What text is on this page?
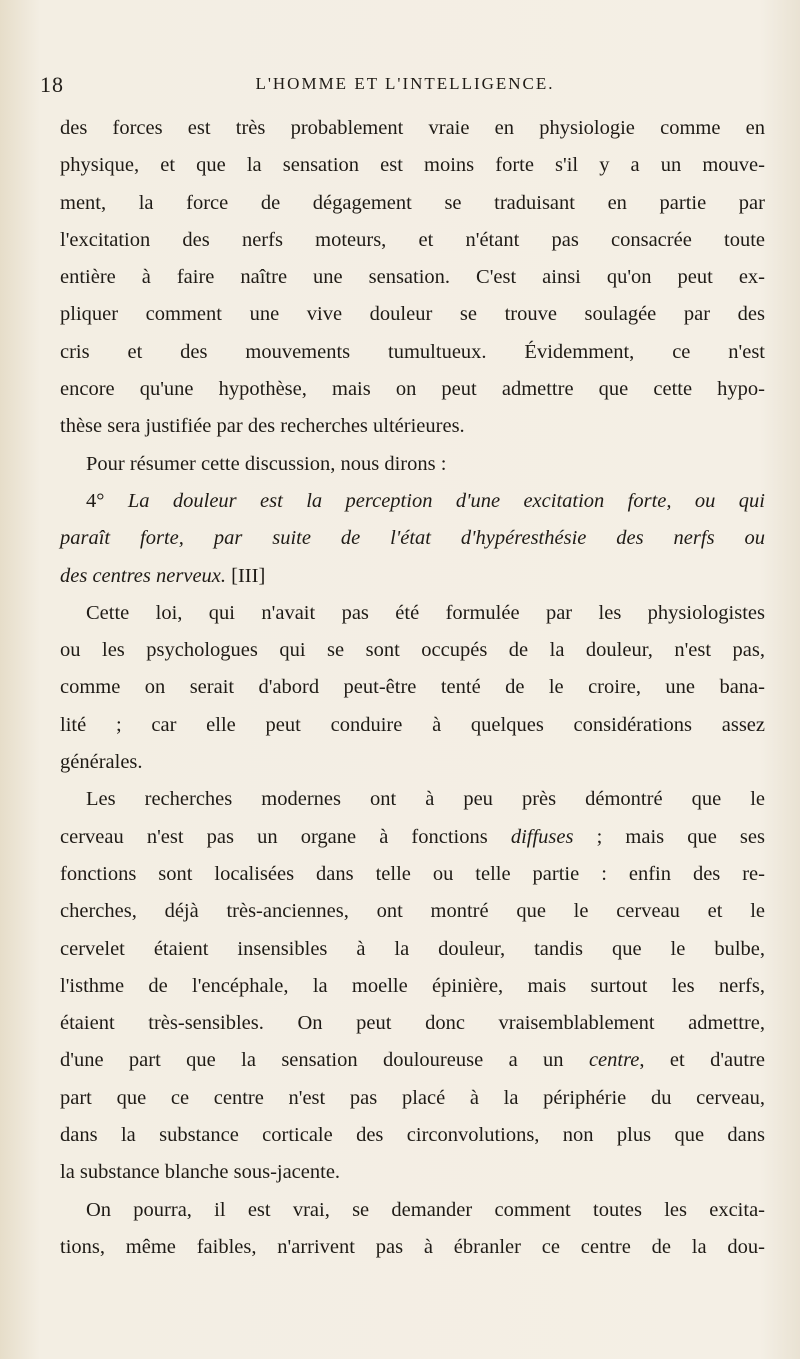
18	L'HOMME ET L'INTELLIGENCE.
des forces est très probablement vraie en physiologie comme en
physique, et que la sensation est moins forte s'il y a un mouve-
ment, la force de dégagement se traduisant en partie par
l'excitation des nerfs moteurs, et n'étant pas consacrée toute
entière à faire naître une sensation. C'est ainsi qu'on peut ex-
pliquer comment une vive douleur se trouve soulagée par des
cris et des mouvements tumultueux. Évidemment, ce n'est
encore qu'une hypothèse, mais on peut admettre que cette hypo-
thèse sera justifiée par des recherches ultérieures.
Pour résumer cette discussion, nous dirons :
4° La douleur est la perception d'une excitation forte, ou qui
paraît forte, par suite de l'état d'hypéresthésie des nerfs ou
des centres nerveux. [III]
Cette loi, qui n'avait pas été formulée par les physiologistes
ou les psychologues qui se sont occupés de la douleur, n'est pas,
comme on serait d'abord peut-être tenté de le croire, une bana-
lité ; car elle peut conduire à quelques considérations assez
générales.
Les recherches modernes ont à peu près démontré que le
cerveau n'est pas un organe à fonctions diffuses ; mais que ses
fonctions sont localisées dans telle ou telle partie : enfin des re-
cherches, déjà très-anciennes, ont montré que le cerveau et le
cervelet étaient insensibles à la douleur, tandis que le bulbe,
l'isthme de l'encéphale, la moelle épinière, mais surtout les nerfs,
étaient très-sensibles. On peut donc vraisemblablement admettre,
d'une part que la sensation douloureuse a un centre, et d'autre
part que ce centre n'est pas placé à la périphérie du cerveau,
dans la substance corticale des circonvolutions, non plus que dans
la substance blanche sous-jacente.
On pourra, il est vrai, se demander comment toutes les excita-
tions, même faibles, n'arrivent pas à ébranler ce centre de la dou-
